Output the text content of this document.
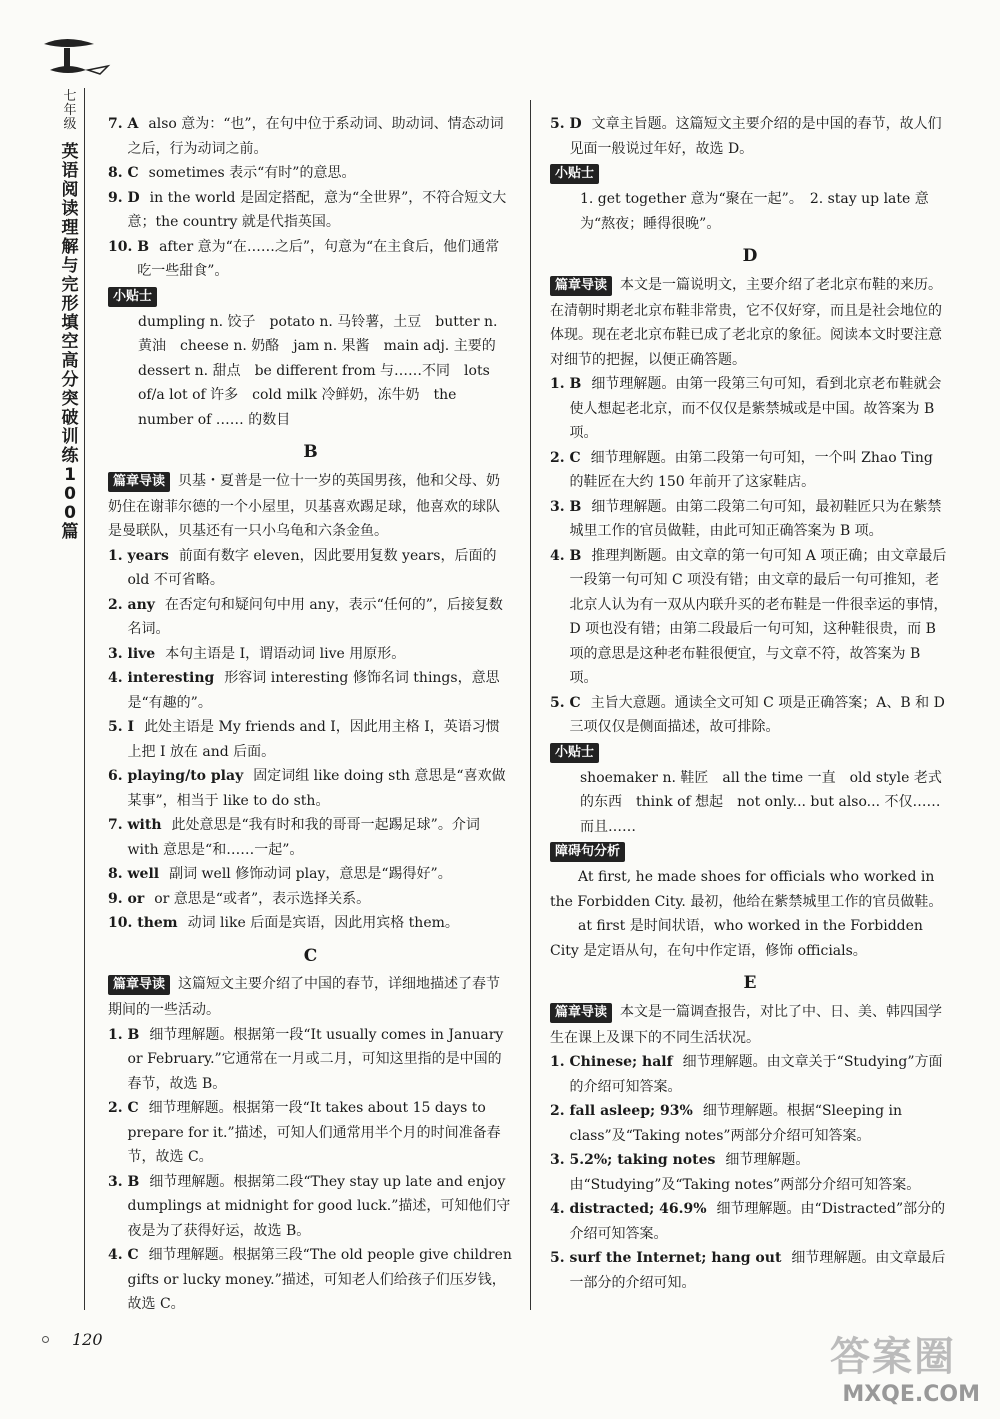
七年级
英语阅读理解与完形填空高分突破训练100篇
7. A also 意为：“也”，在句中位于系动词、助动词、情态动词之后，行为动词之前。
8. C sometimes 表示“有时”的意思。
9. D in the world 是固定搭配，意为“全世界”，不符合短文大意；the country 就是代指英国。
10. B after 意为“在……之后”，句意为“在主食后，他们通常吃一些甜食”。
小贴士
dumpling n. 饺子　potato n. 马铃薯，土豆　butter n. 黄油　cheese n. 奶酪　jam n. 果酱　main adj. 主要的　dessert n. 甜点　be different from 与……不同　lots of/a lot of 许多　cold milk 冷鲜奶，冻牛奶　the number of …… 的数目
B
篇章导读 贝基・夏普是一位十一岁的英国男孩，他和父母、奶奶住在谢菲尔德的一个小屋里，贝基喜欢踢足球，他喜欢的球队是曼联队，贝基还有一只小乌龟和六条金鱼。
1. years 前面有数字 eleven，因此要用复数 years，后面的 old 不可省略。
2. any 在否定句和疑问句中用 any，表示“任何的”，后接复数名词。
3. live 本句主语是 I，谓语动词 live 用原形。
4. interesting 形容词 interesting 修饰名词 things，意思是“有趣的”。
5. I 此处主语是 My friends and I，因此用主格 I，英语习惯上把 I 放在 and 后面。
6. playing/to play 固定词组 like doing sth 意思是“喜欢做某事”，相当于 like to do sth。
7. with 此处意思是“我有时和我的哥哥一起踢足球”。介词 with 意思是“和……一起”。
8. well 副词 well 修饰动词 play，意思是“踢得好”。
9. or or 意思是“或者”，表示选择关系。
10. them 动词 like 后面是宾语，因此用宾格 them。
C
篇章导读 这篇短文主要介绍了中国的春节，详细地描述了春节期间的一些活动。
1. B 细节理解题。根据第一段“It usually comes in January or February.”它通常在一月或二月，可知这里指的是中国的春节，故选 B。
2. C 细节理解题。根据第一段“It takes about 15 days to prepare for it.”描述，可知人们通常用半个月的时间准备春节，故选 C。
3. B 细节理解题。根据第二段“They stay up late and enjoy dumplings at midnight for good luck.”描述，可知他们守夜是为了获得好运，故选 B。
4. C 细节理解题。根据第三段“The old people give children gifts or lucky money.”描述，可知老人们给孩子们压岁钱，故选 C。
5. D 文章主旨题。这篇短文主要介绍的是中国的春节，故人们见面一般说过年好，故选 D。
小贴士
1. get together 意为“聚在一起”。　2. stay up late 意为“熬夜；睡得很晚”。
D
篇章导读 本文是一篇说明文，主要介绍了老北京布鞋的来历。在清朝时期老北京布鞋非常贵，它不仅好穿，而且是社会地位的体现。现在老北京布鞋已成了老北京的象征。阅读本文时要注意对细节的把握，以便正确答题。
1. B 细节理解题。由第一段第三句可知，看到北京老布鞋就会使人想起老北京，而不仅仅是紫禁城或是中国。故答案为 B 项。
2. C 细节理解题。由第二段第一句可知，一个叫 Zhao Ting 的鞋匠在大约 150 年前开了这家鞋店。
3. B 细节理解题。由第二段第二句可知，最初鞋匠只为在紫禁城里工作的官员做鞋，由此可知正确答案为 B 项。
4. B 推理判断题。由文章的第一句可知 A 项正确；由文章最后一段第一句可知 C 项没有错；由文章的最后一句可推知，老北京人认为有一双从内联升买的老布鞋是一件很幸运的事情，D 项也没有错；由第二段最后一句可知，这种鞋很贵，而 B 项的意思是这种老布鞋很便宜，与文章不符，故答案为 B 项。
5. C 主旨大意题。通读全文可知 C 项是正确答案；A、B 和 D 三项仅仅是侧面描述，故可排除。
小贴士
shoemaker n. 鞋匠　all the time 一直　old style 老式的东西　think of 想起　not only... but also... 不仅……而且……
障碍句分析
At first, he made shoes for officials who worked in the Forbidden City. 最初，他给在紫禁城里工作的官员做鞋。
at first 是时间状语，who worked in the Forbidden City 是定语从句，在句中作定语，修饰 officials。
E
篇章导读 本文是一篇调查报告，对比了中、日、美、韩四国学生在课上及课下的不同生活状况。
1. Chinese; half 细节理解题。由文章关于“Studying”方面的介绍可知答案。
2. fall asleep; 93% 细节理解题。根据“Sleeping in class”及“Taking notes”两部分介绍可知答案。
3. 5.2%; taking notes 细节理解题。由“Studying”及“Taking notes”两部分介绍可知答案。
4. distracted; 46.9% 细节理解题。由“Distracted”部分的介绍可知答案。
5. surf the Internet; hang out 细节理解题。由文章最后一部分的介绍可知。
120	答案圈
MXQE.COM
